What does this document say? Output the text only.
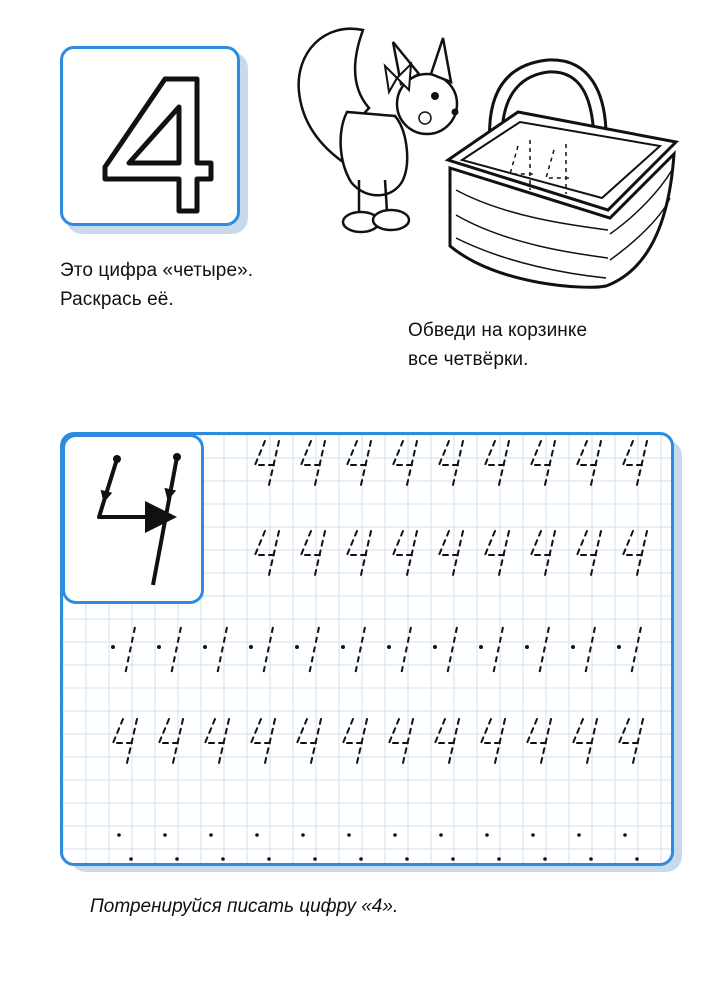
Это цифра «четыре».
Раскрась её.
Обведи на корзинке
все четвёрки.
Потренируйся писать цифру «4».
